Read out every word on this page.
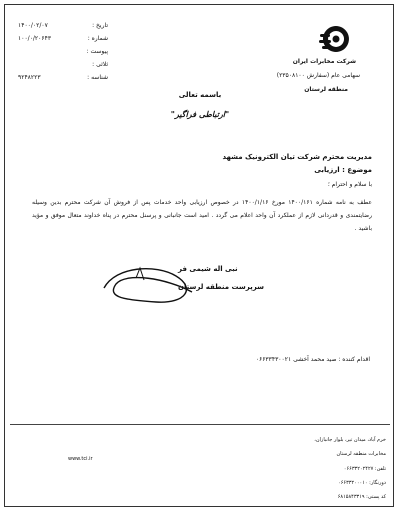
شرکت مخابرات ایران
سهامی عام (سفارش ۲۳۵۰۸۱۰۰)
منطقه لرستان
تاریخ :
۱۴۰۰/۰۲/۰۷
شماره :
۱۰۰/۰/۲۰۶۴۳
پیوست :
ثلاثی :
شناسه :
۹۲۴۸۲۲۳
باسمه تعالی
"ارتباطی فراگیر"
مدیریت محترم شرکت تیان الکترونیک مشهد
موضوع : ارزیابی
با سلام و احترام ؛
عطف به نامه شماره ۱۴۰۰/۱۶۱ مورخ ۱۴۰۰/۱/۱۶ در خصوص ارزیابی واحد خدمات پس از فروش آن شرکت محترم بدین وسیله رضایتمندی و قدردانی لازم از عملکرد آن واحد اعلام می گردد . امید است جانبانی و پرسنل محترم در پناه خداوند متعال موفق و مؤید باشید .
نبی اله شیمی فر
سرپرست منطقه لرستان
اقدام کننده : صید محمد آخشی ۰۶۶۳۳۴۳۰۰۲۱
خرم آباد، میدان تیر، بلوار جانبازان،
مخابرات منطقه لرستان
تلفن: ۰۶۶۳۳۲۰۲۴۲۷
دورنگار: ۰۶۶۳۳۲۰۰۰۱۰
کد پستی: ۶۸۱۵۸۴۳۳۱۹
www.tci.ir
